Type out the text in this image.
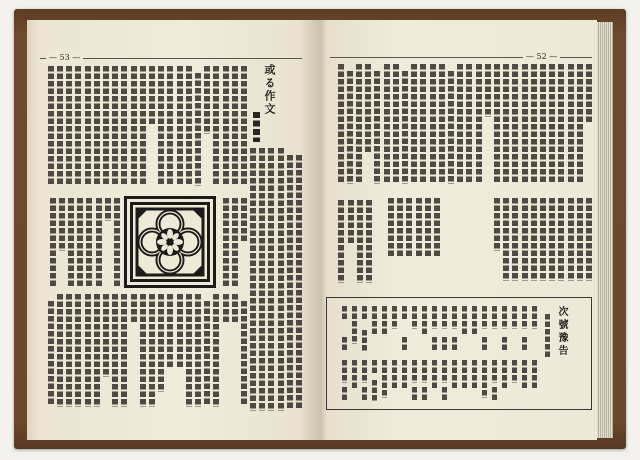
— 53 —	— 52 —
或る作文
次號豫告
